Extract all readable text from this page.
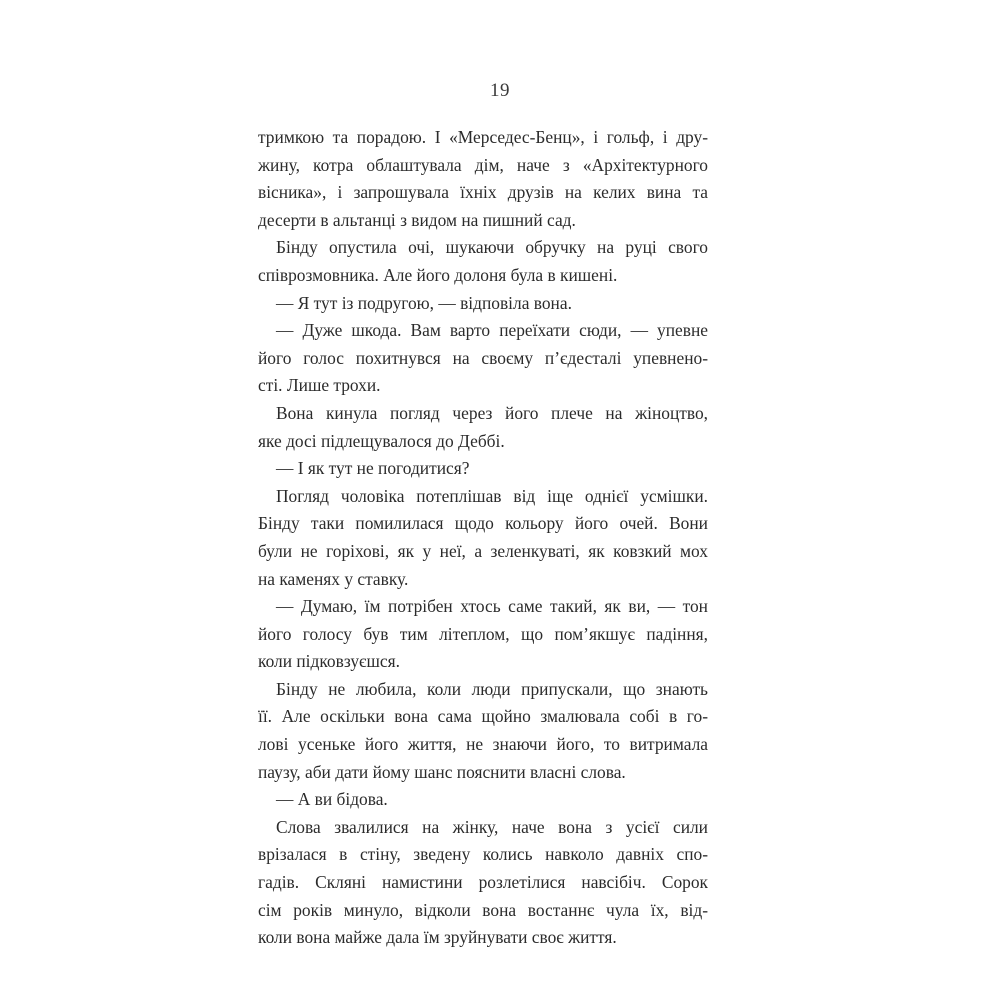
19
тримкою та порадою. І «Мерседес-Бенц», і гольф, і дру-
жину, котра облаштувала дім, наче з «Архітектурного
вісника», і запрошувала їхніх друзів на келих вина та
десерти в альтанці з видом на пишний сад.
Бінду опустила очі, шукаючи обручку на руці свого
співрозмовника. Але його долоня була в кишені.
— Я тут із подругою, — відповіла вона.
— Дуже шкода. Вам варто переїхати сюди, — упевне
його голос похитнувся на своєму п’єдесталі упевнено-
сті. Лише трохи.
Вона кинула погляд через його плече на жіноцтво,
яке досі підлещувалося до Деббі.
— І як тут не погодитися?
Погляд чоловіка потеплішав від іще однієї усмішки.
Бінду таки помилилася щодо кольору його очей. Вони
були не горіхові, як у неї, а зеленкуваті, як ковзкий мох
на каменях у ставку.
— Думаю, їм потрібен хтось саме такий, як ви, — тон
його голосу був тим літеплом, що пом’якшує падіння,
коли підковзуєшся.
Бінду не любила, коли люди припускали, що знають
її. Але оскільки вона сама щойно змалювала собі в го-
лові усеньке його життя, не знаючи його, то витримала
паузу, аби дати йому шанс пояснити власні слова.
— А ви бідова.
Слова звалилися на жінку, наче вона з усієї сили
врізалася в стіну, зведену колись навколо давніх спо-
гадів. Скляні намистини розлетілися навсібіч. Сорок
сім років минуло, відколи вона востаннє чула їх, від-
коли вона майже дала їм зруйнувати своє життя.
